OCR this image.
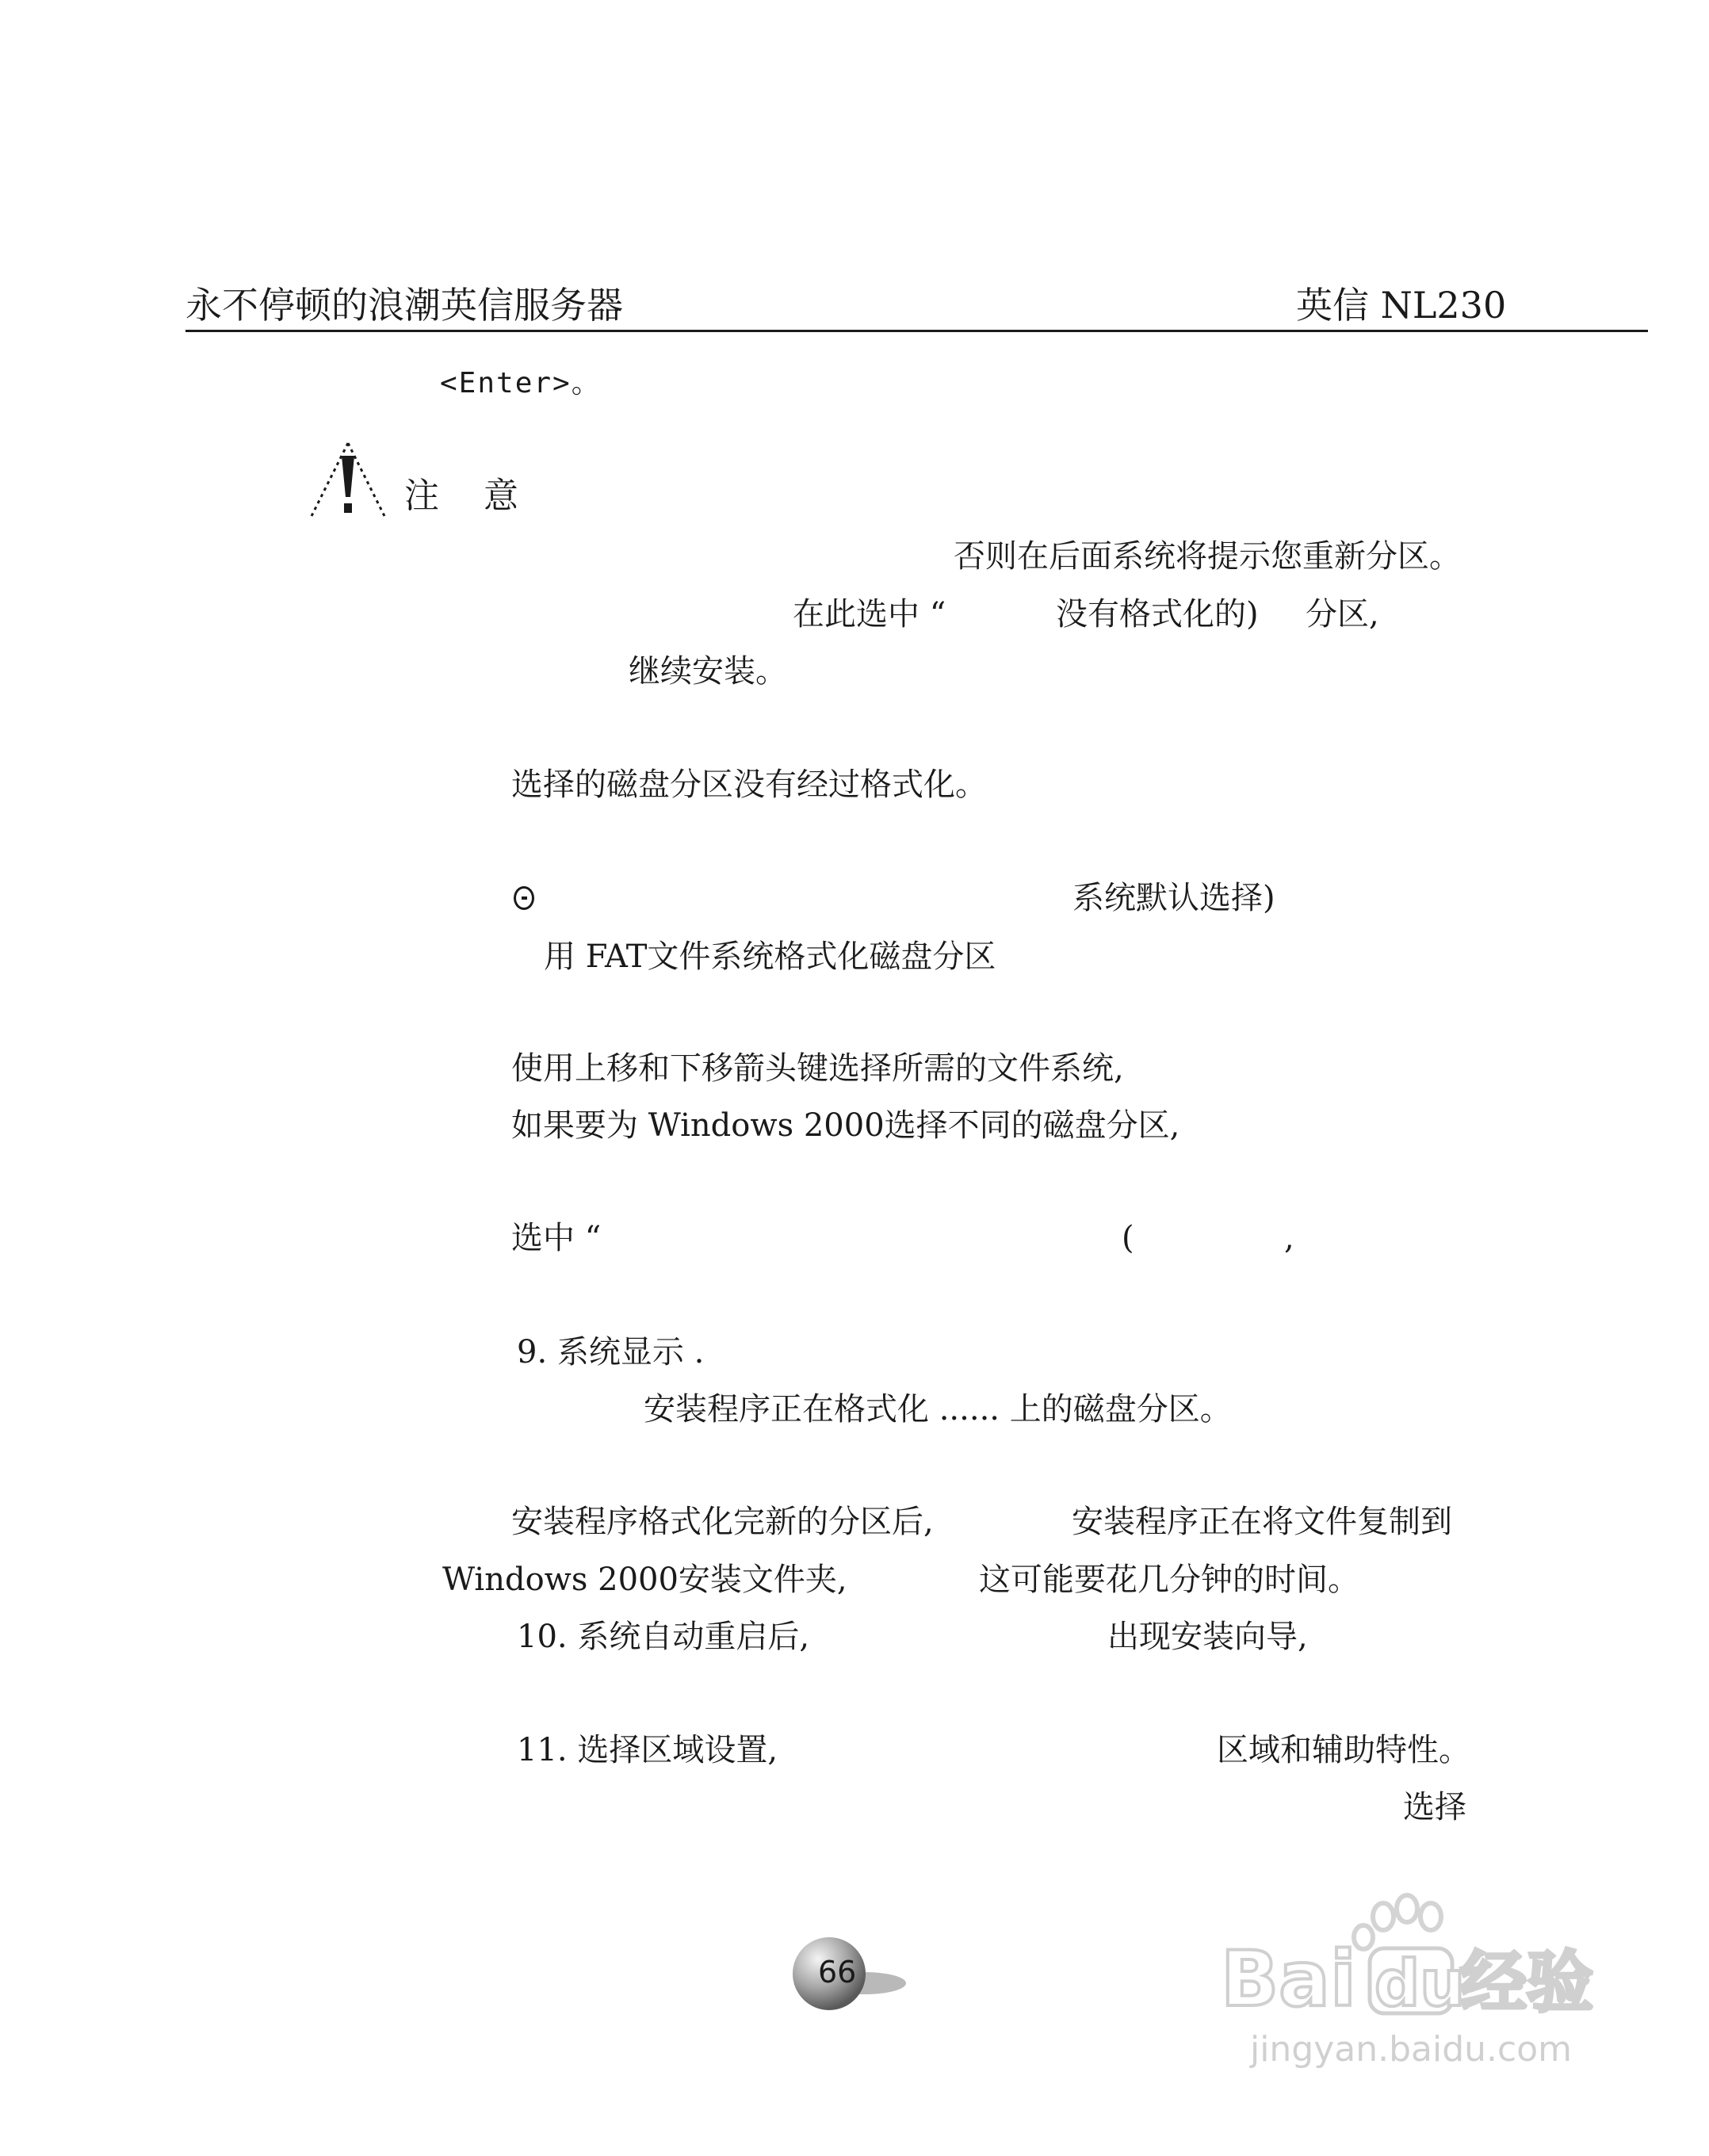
永不停顿的浪潮英信服务器	英信 NL230
<Enter>。
注　意
否则在后面系统将提示您重新分区。
在此选中 “	没有格式化的) 分区,
继续安装。
选择的磁盘分区没有经过格式化。
系统默认选择)
用 FAT文件系统格式化磁盘分区
使用上移和下移箭头键选择所需的文件系统,
如果要为 Windows 2000选择不同的磁盘分区,
选中 “	(	,
9. 系统显示 .
安装程序正在格式化 ...... 上的磁盘分区。
安装程序格式化完新的分区后,	安装程序正在将文件复制到
Windows 2000安装文件夹,	这可能要花几分钟的时间。
10. 系统自动重启后,	出现安装向导,
11. 选择区域设置,	区域和辅助特性。
选择
66	Bai du
经验
jingyan.baidu.com
